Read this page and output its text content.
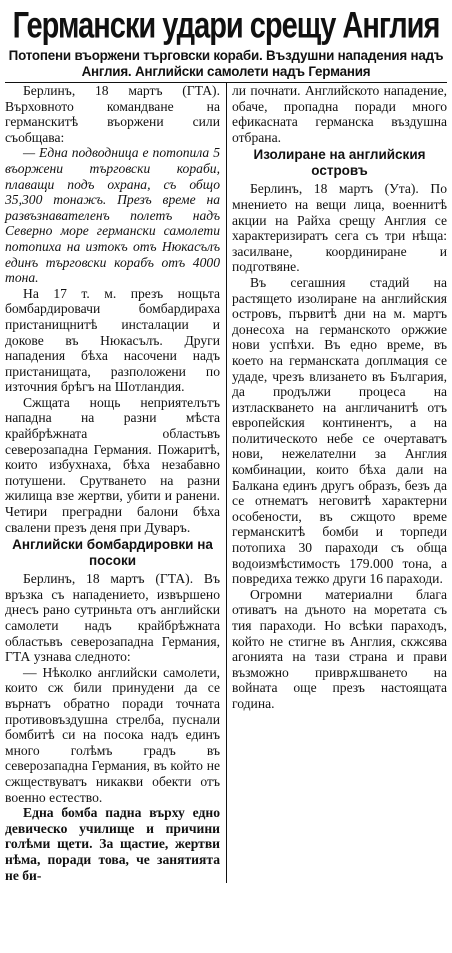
Германски удари срещу Англия
Потопени въоржени търговски кораби. Въздушни нападения надъ Англия. Английски самолети надъ Германия

Берлинъ, 18 мартъ (ГТА). Върховното командване на германскитѣ въоржени сили съобщава:

— Една подводница е потопила 5 въоржени търговски кораби, плаващи подъ охрана, съ общо 35,300 тонажъ. Презъ време на развъзнавателенъ полетъ надъ Северно море германски самолети потопиха на изтокъ отъ Нюкасълъ единъ търговски корабъ отъ 4000 тона.

На 17 т. м. презъ нощьта бомбардировачи бомбардираха пристанищнитѣ инсталации и докове въ Нюкасълъ. Други нападения бѣха насочени надъ пристанищата, разположени по източния брѣгъ на Шотландия.

Сжщата нощь неприятелътъ нападна на разни мѣста крайбрѣжната областьвъ северозападна Германия. Пожаритѣ, които избухнаха, бѣха незабавно потушени. Срутването на разни жилища взе жертви, убити и ранени. Четири преградни балони бѣха свалени презъ деня при Дуваръ.

Английски бомбардировки на посоки

Берлинъ, 18 мартъ (ГТА). Въ връзка съ нападението, извършено днесъ рано сутриньта отъ английски самолети надъ крайбрѣжната областьвъ северозападна Германия, ГТА узнава следното:

— Нѣколко английски самолети, които сж били принудени да се върнатъ обратно поради точната противовъздушна стрелба, пуснали бомбитѣ си на посока надъ единъ много голѣмъ градъ въ северозападна Германия, въ който не сжществуватъ никакви обекти отъ военно естество.

Една бомба падна върху едно девическо училище и причини голѣми щети. За щастие, жертви нѣма, поради това, че занятията не би-

ли почнати. Английското нападение, обаче, пропадна поради много ефикасната германска въздушна отбрана.

Изолиране на английския островъ

Берлинъ, 18 мартъ (Ута). По мнението на вещи лица, военнитѣ акции на Райха срещу Англия се характеризиратъ сега съ три нѣща: засилване, координиране и подготвяне.

Въ сегашния стадий на растящето изолиране на английския островъ, първитѣ дни на м. мартъ донесоха на германското оржжие нови успѣхи. Въ едно време, въ което на германската доплмация се удаде, чрезъ влизането въ България, да продължи процеса на изтласкването на англичанитѣ отъ европейския континентъ, а на политическото небе се очертаватъ нови, нежелателни за Англия комбинации, които бѣха дали на Балкана единъ другъ образъ, безъ да се отнематъ неговитѣ характерни особености, въ сжщото време германскитѣ бомби и торпеди потопиха 30 параходи съ обща водоизмѣстимость 179.000 тона, а повредиха тежко други 16 параходи.

Огромни материални блага отиватъ на дъното на моретата съ тия параходи. Но всѣки параходъ, който не стигне въ Англия, скжсява агонията на тази страна и прави възможно приврѫшването на войната още презъ настоящата година.
